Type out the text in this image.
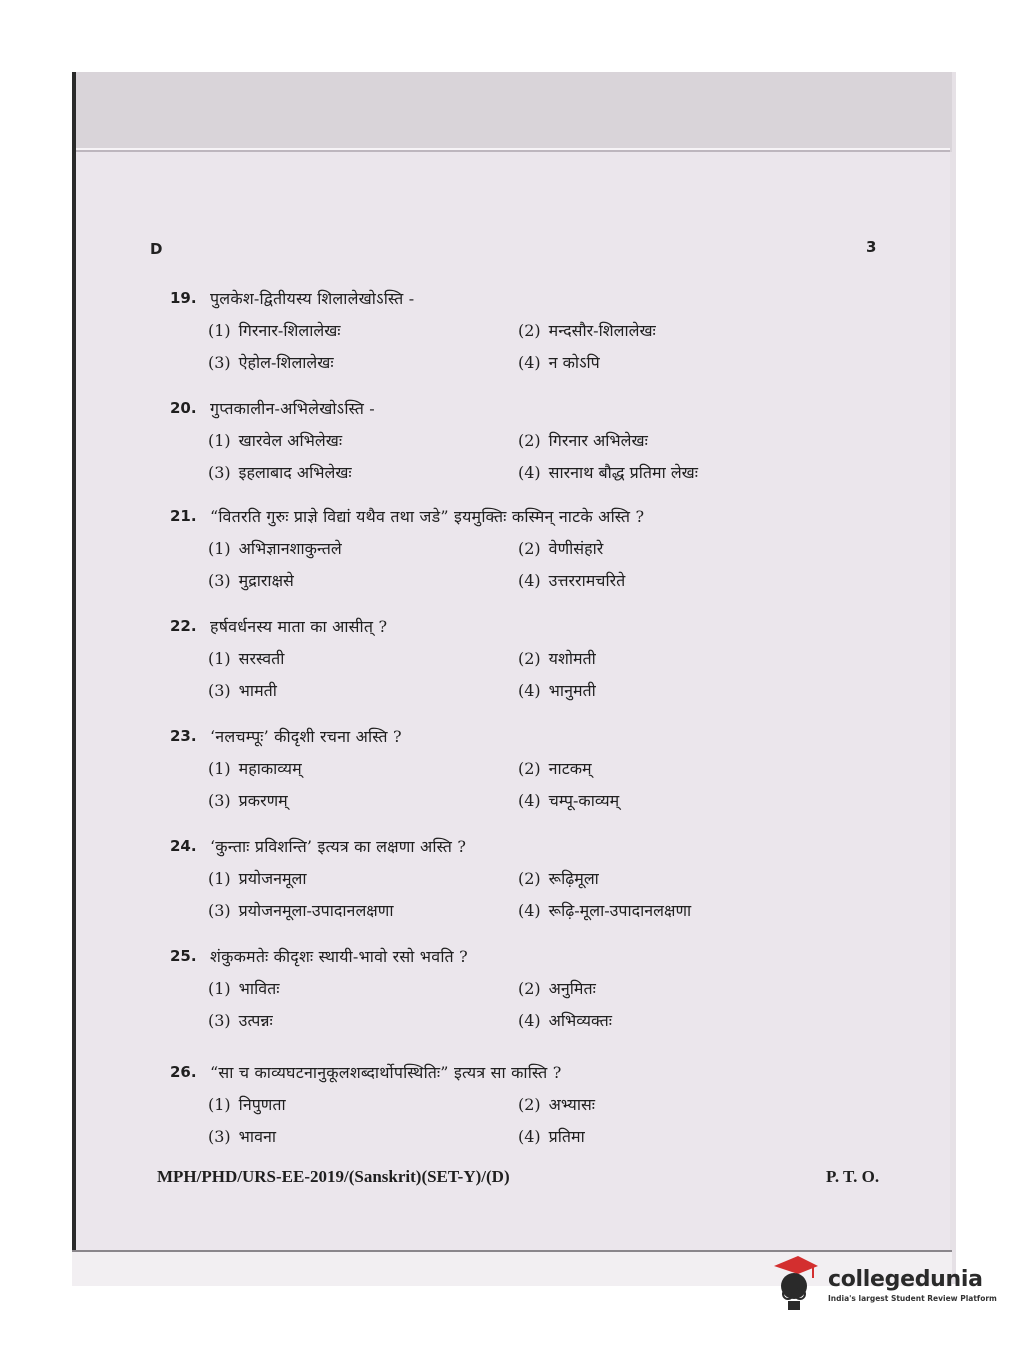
D	3
19. पुलकेश-द्वितीयस्य शिलालेखोऽस्ति -
(1) गिरनार-शिलालेखः	(2) मन्दसौर-शिलालेखः
(3) ऐहोल-शिलालेखः	(4) न कोऽपि
20. गुप्तकालीन-अभिलेखोऽस्ति -
(1) खारवेल अभिलेखः	(2) गिरनार अभिलेखः
(3) इहलाबाद अभिलेखः	(4) सारनाथ बौद्ध प्रतिमा लेखः
21. “वितरति गुरुः प्राज्ञे विद्यां यथैव तथा जडे” इयमुक्तिः कस्मिन् नाटके अस्ति ?
(1) अभिज्ञानशाकुन्तले	(2) वेणीसंहारे
(3) मुद्राराक्षसे	(4) उत्तररामचरिते
22. हर्षवर्धनस्य माता का आसीत् ?
(1) सरस्वती	(2) यशोमती
(3) भामती	(4) भानुमती
23. ‘नलचम्पूः’ कीदृशी रचना अस्ति ?
(1) महाकाव्यम्	(2) नाटकम्
(3) प्रकरणम्	(4) चम्पू-काव्यम्
24. ‘कुन्ताः प्रविशन्ति’ इत्यत्र का लक्षणा अस्ति ?
(1) प्रयोजनमूला	(2) रूढ़िमूला
(3) प्रयोजनमूला-उपादानलक्षणा	(4) रूढ़ि-मूला-उपादानलक्षणा
25. शंकुकमतेः कीदृशः स्थायी-भावो रसो भवति ?
(1) भावितः	(2) अनुमितः
(3) उत्पन्नः	(4) अभिव्यक्तः
26. “सा च काव्यघटनानुकूलशब्दार्थोपस्थितिः” इत्यत्र सा कास्ति ?
(1) निपुणता	(2) अभ्यासः
(3) भावना	(4) प्रतिमा
MPH/PHD/URS-EE-2019/(Sanskrit)(SET-Y)/(D)	P. T. O.
collegedunia
India's largest Student Review Platform
